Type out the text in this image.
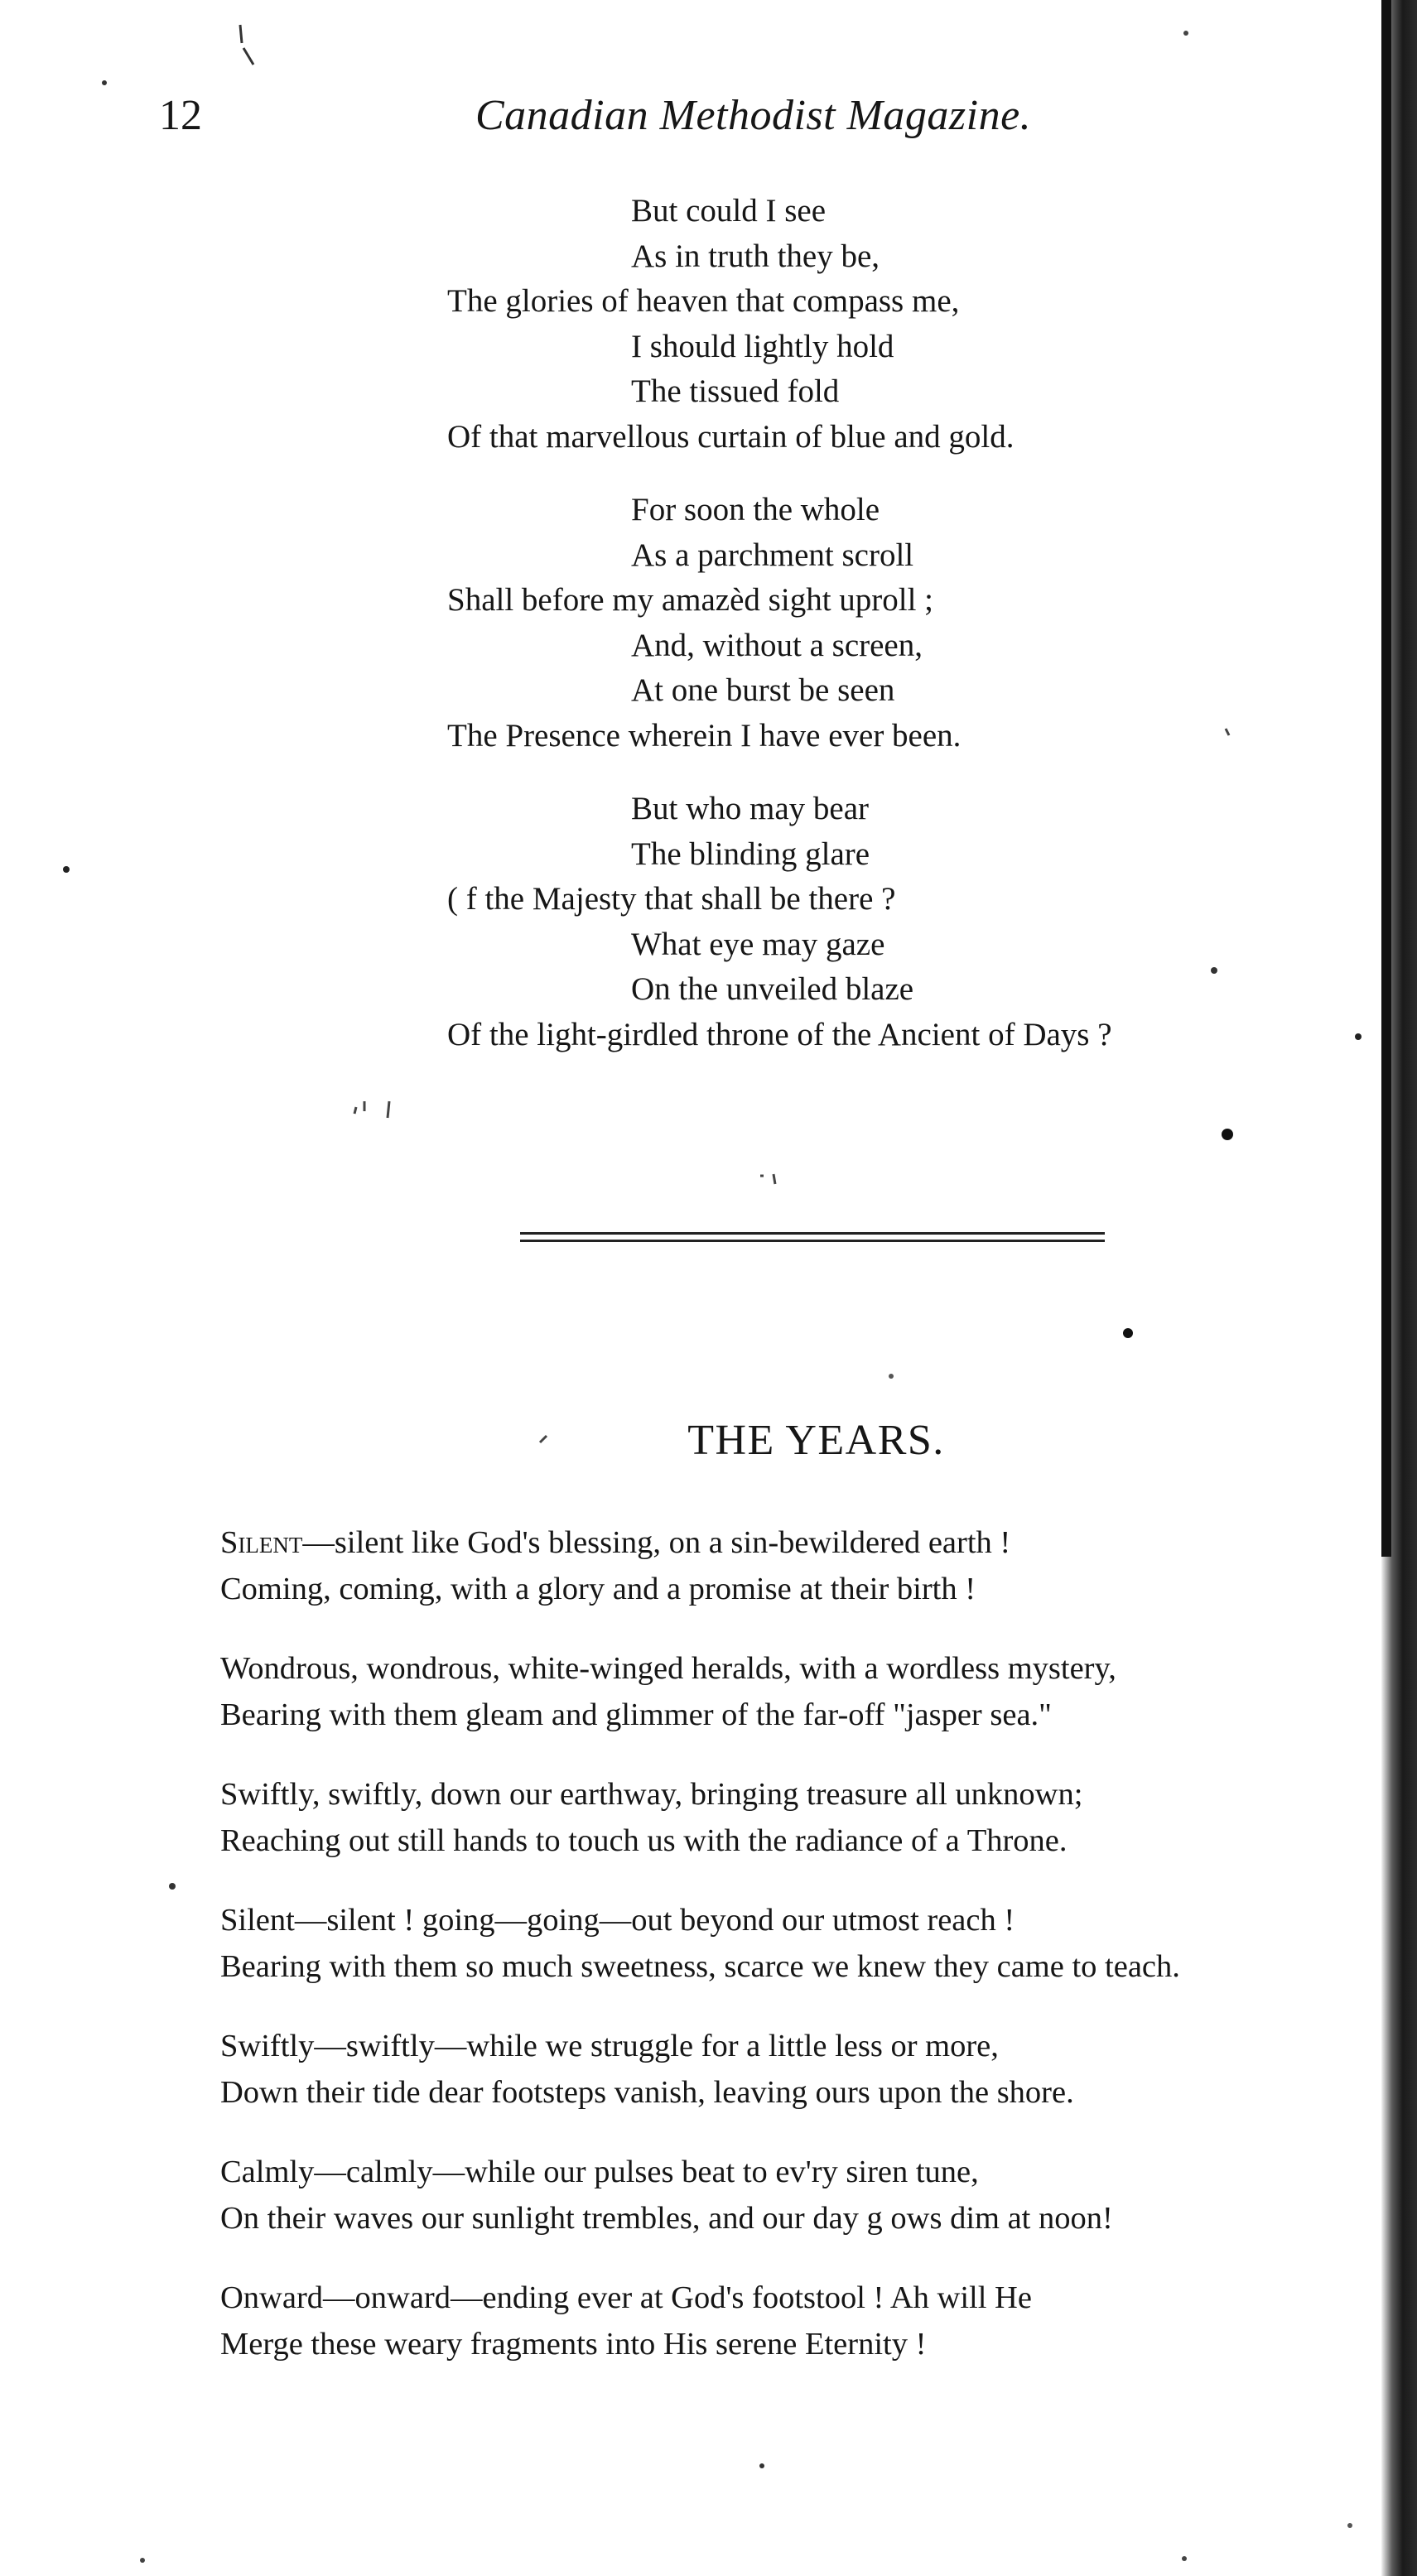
12	Canadian Methodist Magazine.
But could I see
As in truth they be,
The glories of heaven that compass me,
I should lightly hold
The tissued fold
Of that marvellous curtain of blue and gold.
For soon the whole
As a parchment scroll
Shall before my amazèd sight uproll ;
And, without a screen,
At one burst be seen
The Presence wherein I have ever been.
But who may bear
The blinding glare
( f the Majesty that shall be there ?
What eye may gaze
On the unveiled blaze
Of the light-girdled throne of the Ancient of Days ?
THE YEARS.
Silent—silent like God's blessing, on a sin-bewildered earth !
Coming, coming, with a glory and a promise at their birth !
Wondrous, wondrous, white-winged heralds, with a wordless mystery,
Bearing with them gleam and glimmer of the far-off "jasper sea."
Swiftly, swiftly, down our earthway, bringing treasure all unknown;
Reaching out still hands to touch us with the radiance of a Throne.
Silent—silent ! going—going—out beyond our utmost reach !
Bearing with them so much sweetness, scarce we knew they came to teach.
Swiftly—swiftly—while we struggle for a little less or more,
Down their tide dear footsteps vanish, leaving ours upon the shore.
Calmly—calmly—while our pulses beat to ev'ry siren tune,
On their waves our sunlight trembles, and our day g ows dim at noon!
Onward—onward—ending ever at God's footstool ! Ah will He
Merge these weary fragments into His serene Eternity !
